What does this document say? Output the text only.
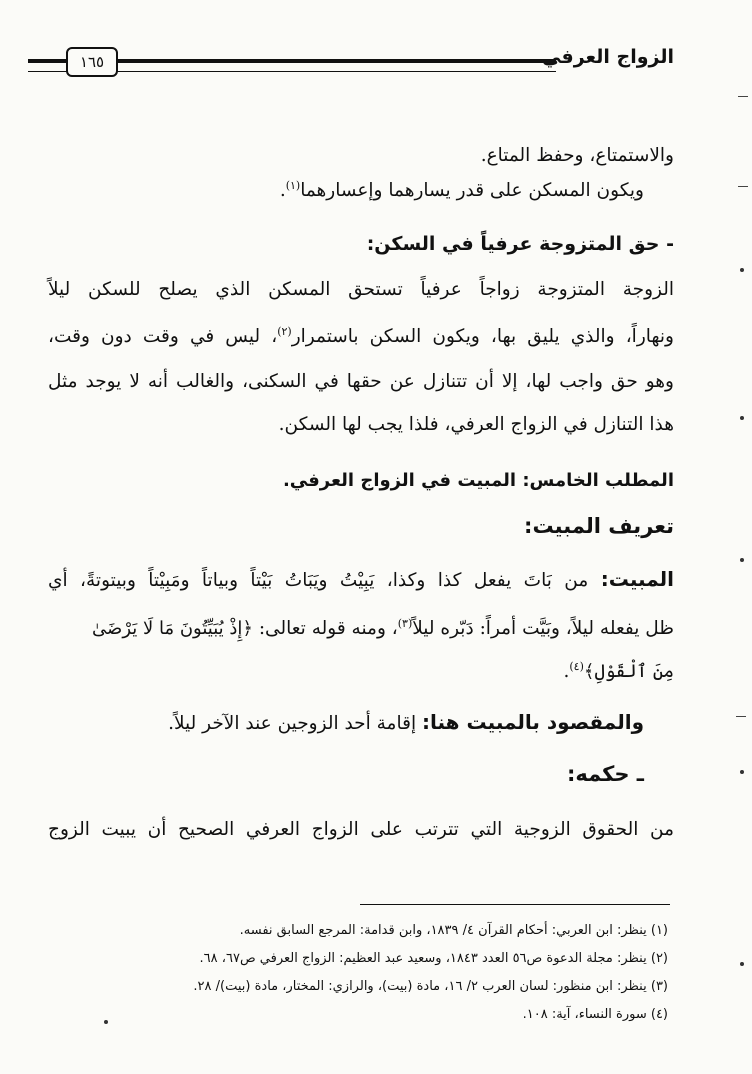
الزواج العرفي
١٦٥
والاستمتاع، وحفظ المتاع.
ويكون المسكن على قدر يسارهما وإعسارهما$^{(١)}$.
- حق المتزوجة عرفياً في السكن:
الزوجة المتزوجة زواجاً عرفياً تستحق المسكن الذي يصلح للسكن ليلاً
ونهاراً، والذي يليق بها، ويكون السكن باستمرار$^{(٢)}$، ليس في وقت دون وقت،
وهو حق واجب لها، إلا أن تتنازل عن حقها في السكنى، والغالب أنه لا يوجد مثل
هذا التنازل في الزواج العرفي، فلذا يجب لها السكن.
المطلب الخامس: المبيت في الزواج العرفي.
تعريف المبيت:
المبيت: من بَاتَ يفعل كذا وكذا، يَبِيْتُ ويَبَاتُ بَيْتاً وبياتاً ومَبِيْتاً وبيتوتةً، أي
ظل يفعله ليلاً، وبَيَّت أمراً: دَبّره ليلاً$^{(٣)}$، ومنه قوله تعالى: ﴿إِذْ يُبَيِّتُونَ مَا لَا يَرْضَىٰ
مِنَ ٱلْقَوْلِ﴾$^{(٤)}$.
والمقصود بالمبيت هنا: إقامة أحد الزوجين عند الآخر ليلاً.
ـ حكمه:
من الحقوق الزوجية التي تترتب على الزواج العرفي الصحيح أن يبيت الزوج
(١) ينظر: ابن العربي: أحكام القرآن ٤/ ١٨٣٩، وابن قدامة: المرجع السابق نفسه.
(٢) ينظر: مجلة الدعوة ص٥٦ العدد ١٨٤٣، وسعيد عبد العظيم: الزواج العرفي ص٦٧، ٦٨.
(٣) ينظر: ابن منظور: لسان العرب ٢/ ١٦، مادة (بيت)، والرازي: المختار، مادة (بيت)/ ٢٨.
(٤) سورة النساء، آية: ١٠٨.
